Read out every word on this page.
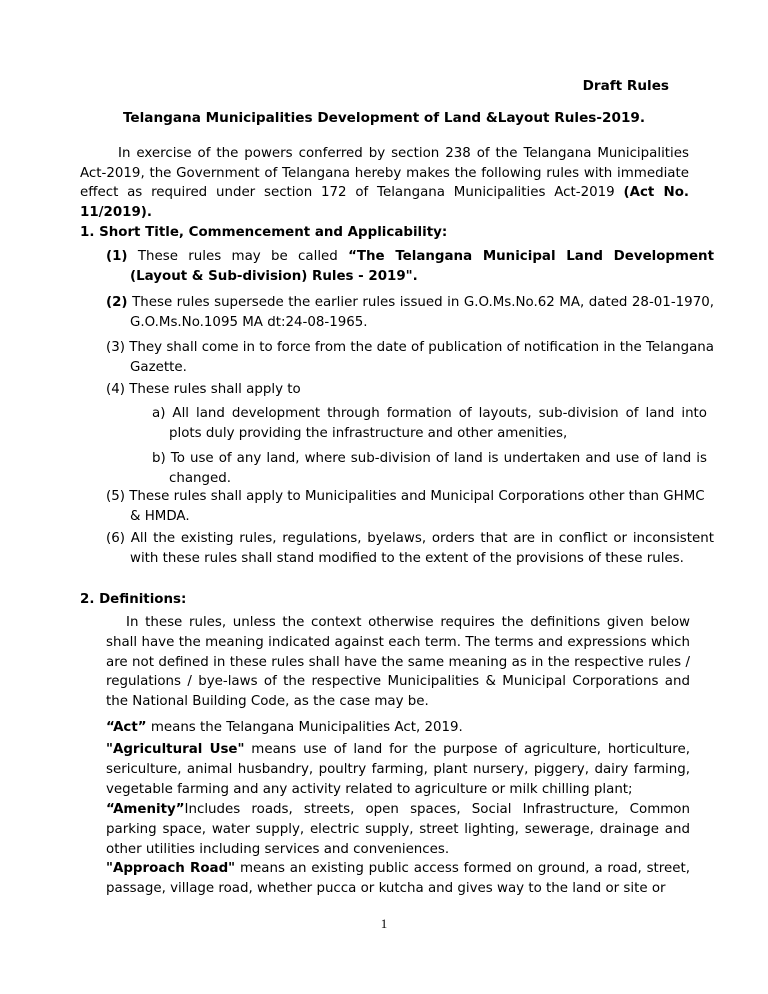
Draft Rules
Telangana Municipalities Development of Land &Layout Rules-2019.

In exercise of the powers conferred by section 238 of the Telangana Municipalities Act-2019, the Government of Telangana hereby makes the following rules with immediate effect as required under section 172 of Telangana Municipalities Act-2019 (Act No. 11/2019).

1. Short Title, Commencement and Applicability:

(1) These rules may be called “The Telangana Municipal Land Development (Layout & Sub-division) Rules - 2019".

(2) These rules supersede the earlier rules issued in G.O.Ms.No.62 MA, dated 28-01-1970, G.O.Ms.No.1095 MA dt:24-08-1965.

(3) They shall come in to force from the date of publication of notification in the Telangana Gazette.

(4) These rules shall apply to

a) All land development through formation of layouts, sub-division of land into plots duly providing the infrastructure and other amenities,

b) To use of any land, where sub-division of land is undertaken and use of land is changed.

(5) These rules shall apply to Municipalities and Municipal Corporations other than GHMC & HMDA.

(6) All the existing rules, regulations, byelaws, orders that are in conflict or inconsistent with these rules shall stand modified to the extent of the provisions of these rules.

2. Definitions:

In these rules, unless the context otherwise requires the definitions given below shall have the meaning indicated against each term. The terms and expressions which are not defined in these rules shall have the same meaning as in the respective rules / regulations / bye-laws of the respective Municipalities & Municipal Corporations and the National Building Code, as the case may be.

“Act” means the Telangana Municipalities Act, 2019.

"Agricultural Use" means use of land for the purpose of agriculture, horticulture, sericulture, animal husbandry, poultry farming, plant nursery, piggery, dairy farming, vegetable farming and any activity related to agriculture or milk chilling plant;

“Amenity”Includes roads, streets, open spaces, Social Infrastructure, Common parking space, water supply, electric supply, street lighting, sewerage, drainage and other utilities including services and conveniences.

"Approach Road" means an existing public access formed on ground, a road, street, passage, village road, whether pucca or kutcha and gives way to the land or site or

1
